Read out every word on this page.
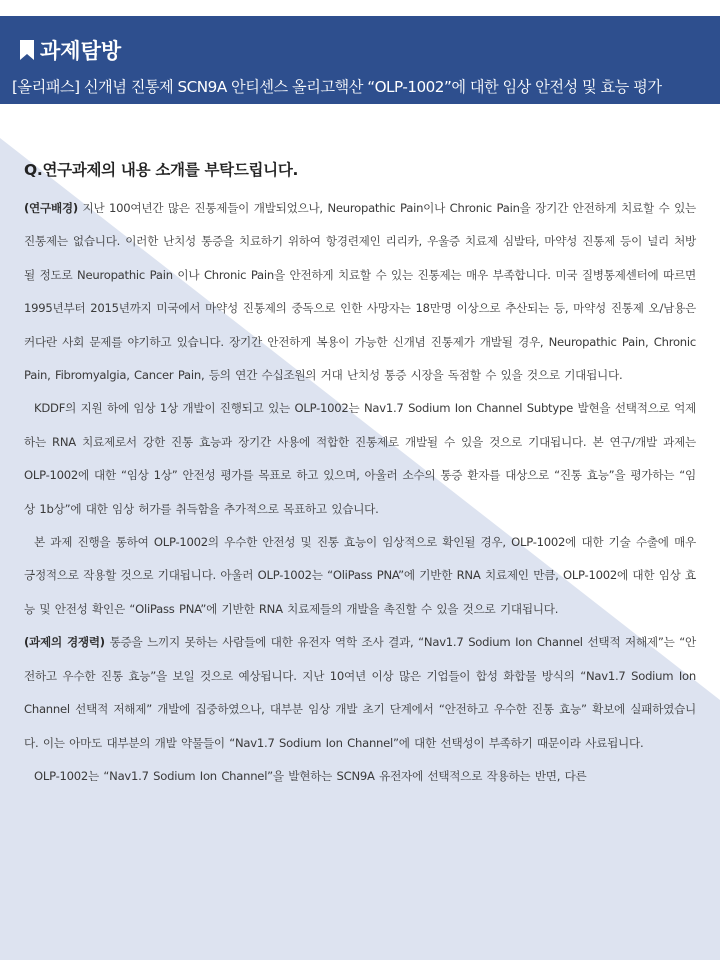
과제탐방
[올리패스] 신개념 진통제 SCN9A 안티센스 올리고핵산 “OLP-1002”에 대한 임상 안전성 및 효능 평가
Q.연구과제의 내용 소개를 부탁드립니다.

(연구배경) 지난 100여년간 많은 진통제들이 개발되었으나, Neuropathic Pain이나 Chronic Pain을 장기간 안전하게 치료할 수 있는 진통제는 없습니다. 이러한 난치성 통증을 치료하기 위하여 항경련제인 리리카, 우울증 치료제 심발타, 마약성 진통제 등이 널리 처방될 정도로 Neuropathic Pain 이나 Chronic Pain을 안전하게 치료할 수 있는 진통제는 매우 부족합니다. 미국 질병통제센터에 따르면 1995년부터 2015년까지 미국에서 마약성 진통제의 중독으로 인한 사망자는 18만명 이상으로 추산되는 등, 마약성 진통제 오/남용은 커다란 사회 문제를 야기하고 있습니다. 장기간 안전하게 복용이 가능한 신개념 진통제가 개발될 경우, Neuropathic Pain, Chronic Pain, Fibromyalgia, Cancer Pain, 등의 연간 수십조원의 거대 난치성 통증 시장을 독점할 수 있을 것으로 기대됩니다.

KDDF의 지원 하에 임상 1상 개발이 진행되고 있는 OLP-1002는 Nav1.7 Sodium Ion Channel Subtype 발현을 선택적으로 억제하는 RNA 치료제로서 강한 진통 효능과 장기간 사용에 적합한 진통제로 개발될 수 있을 것으로 기대됩니다. 본 연구/개발 과제는 OLP-1002에 대한 “임상 1상” 안전성 평가를 목표로 하고 있으며, 아울러 소수의 통증 환자를 대상으로 “진통 효능”을 평가하는 “임상 1b상”에 대한 임상 허가를 취득함을 추가적으로 목표하고 있습니다.

본 과제 진행을 통하여 OLP-1002의 우수한 안전성 및 진통 효능이 임상적으로 확인될 경우, OLP-1002에 대한 기술 수출에 매우 긍정적으로 작용할 것으로 기대됩니다. 아울러 OLP-1002는 “OliPass PNA”에 기반한 RNA 치료제인 만큼, OLP-1002에 대한 임상 효능 및 안전성 확인은 “OliPass PNA”에 기반한 RNA 치료제들의 개발을 촉진할 수 있을 것으로 기대됩니다.

(과제의 경쟁력) 통증을 느끼지 못하는 사람들에 대한 유전자 역학 조사 결과, “Nav1.7 Sodium Ion Channel 선택적 저해제”는 “안전하고 우수한 진통 효능”을 보일 것으로 예상됩니다. 지난 10여년 이상 많은 기업들이 합성 화합물 방식의 “Nav1.7 Sodium Ion Channel 선택적 저해제” 개발에 집중하였으나, 대부분 임상 개발 초기 단계에서 “안전하고 우수한 진통 효능” 확보에 실패하였습니다. 이는 아마도 대부분의 개발 약물들이 “Nav1.7 Sodium Ion Channel”에 대한 선택성이 부족하기 때문이라 사료됩니다.

OLP-1002는 “Nav1.7 Sodium Ion Channel”을 발현하는 SCN9A 유전자에 선택적으로 작용하는 반면, 다른
